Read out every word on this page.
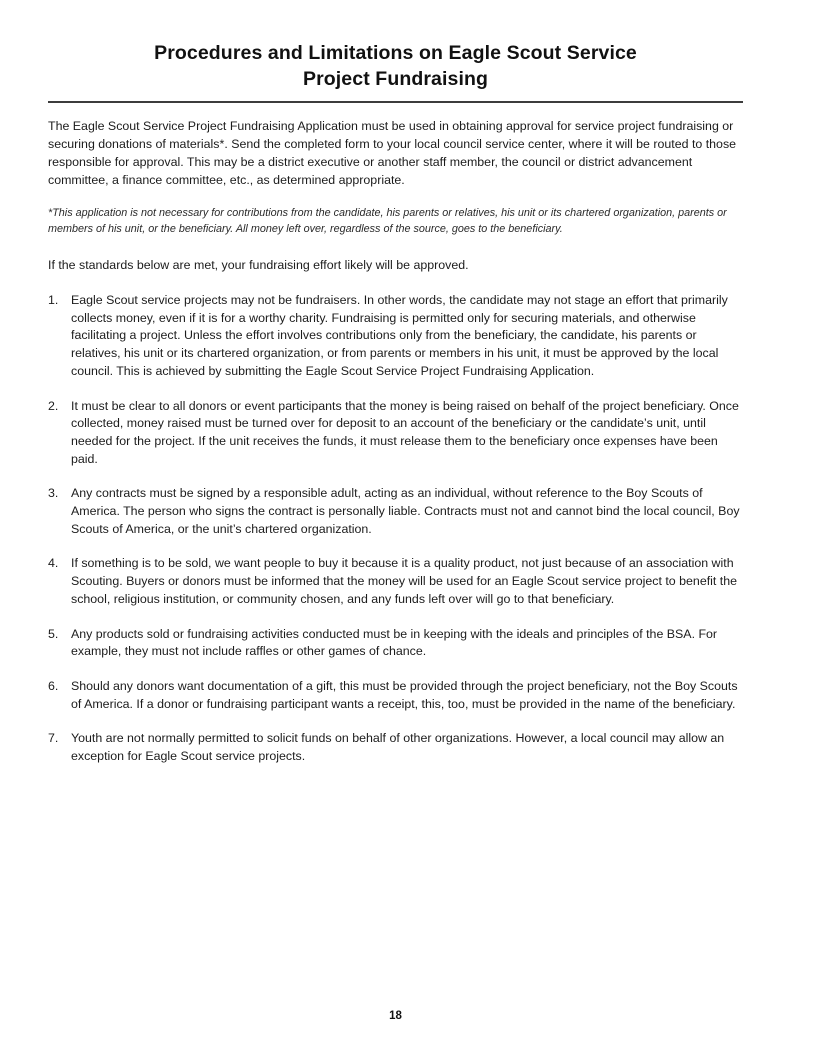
Procedures and Limitations on Eagle Scout Service
Project Fundraising

The Eagle Scout Service Project Fundraising Application must be used in obtaining approval for service project fundraising or securing donations of materials*. Send the completed form to your local council service center, where it will be routed to those responsible for approval. This may be a district executive or another staff member, the council or district advancement committee, a finance committee, etc., as determined appropriate.

*This application is not necessary for contributions from the candidate, his parents or relatives, his unit or its chartered organization, parents or members of his unit, or the beneficiary. All money left over, regardless of the source, goes to the beneficiary.

If the standards below are met, your fundraising effort likely will be approved.

1.	Eagle Scout service projects may not be fundraisers. In other words, the candidate may not stage an effort that primarily collects money, even if it is for a worthy charity. Fundraising is permitted only for securing materials, and otherwise facilitating a project. Unless the effort involves contributions only from the beneficiary, the candidate, his parents or relatives, his unit or its chartered organization, or from parents or members in his unit, it must be approved by the local council. This is achieved by submitting the Eagle Scout Service Project Fundraising Application.
2.	It must be clear to all donors or event participants that the money is being raised on behalf of the project beneficiary. Once collected, money raised must be turned over for deposit to an account of the beneficiary or the candidate’s unit, until needed for the project. If the unit receives the funds, it must release them to the beneficiary once expenses have been paid.
3.	Any contracts must be signed by a responsible adult, acting as an individual, without reference to the Boy Scouts of America. The person who signs the contract is personally liable. Contracts must not and cannot bind the local council, Boy Scouts of America, or the unit’s chartered organization.
4.	If something is to be sold, we want people to buy it because it is a quality product, not just because of an association with Scouting. Buyers or donors must be informed that the money will be used for an Eagle Scout service project to benefit the school, religious institution, or community chosen, and any funds left over will go to that beneficiary.
5.	Any products sold or fundraising activities conducted must be in keeping with the ideals and principles of the BSA. For example, they must not include raffles or other games of chance.
6.	Should any donors want documentation of a gift, this must be provided through the project beneficiary, not the Boy Scouts of America. If a donor or fundraising participant wants a receipt, this, too, must be provided in the name of the beneficiary.
7.	Youth are not normally permitted to solicit funds on behalf of other organizations. However, a local council may allow an exception for Eagle Scout service projects.
18
